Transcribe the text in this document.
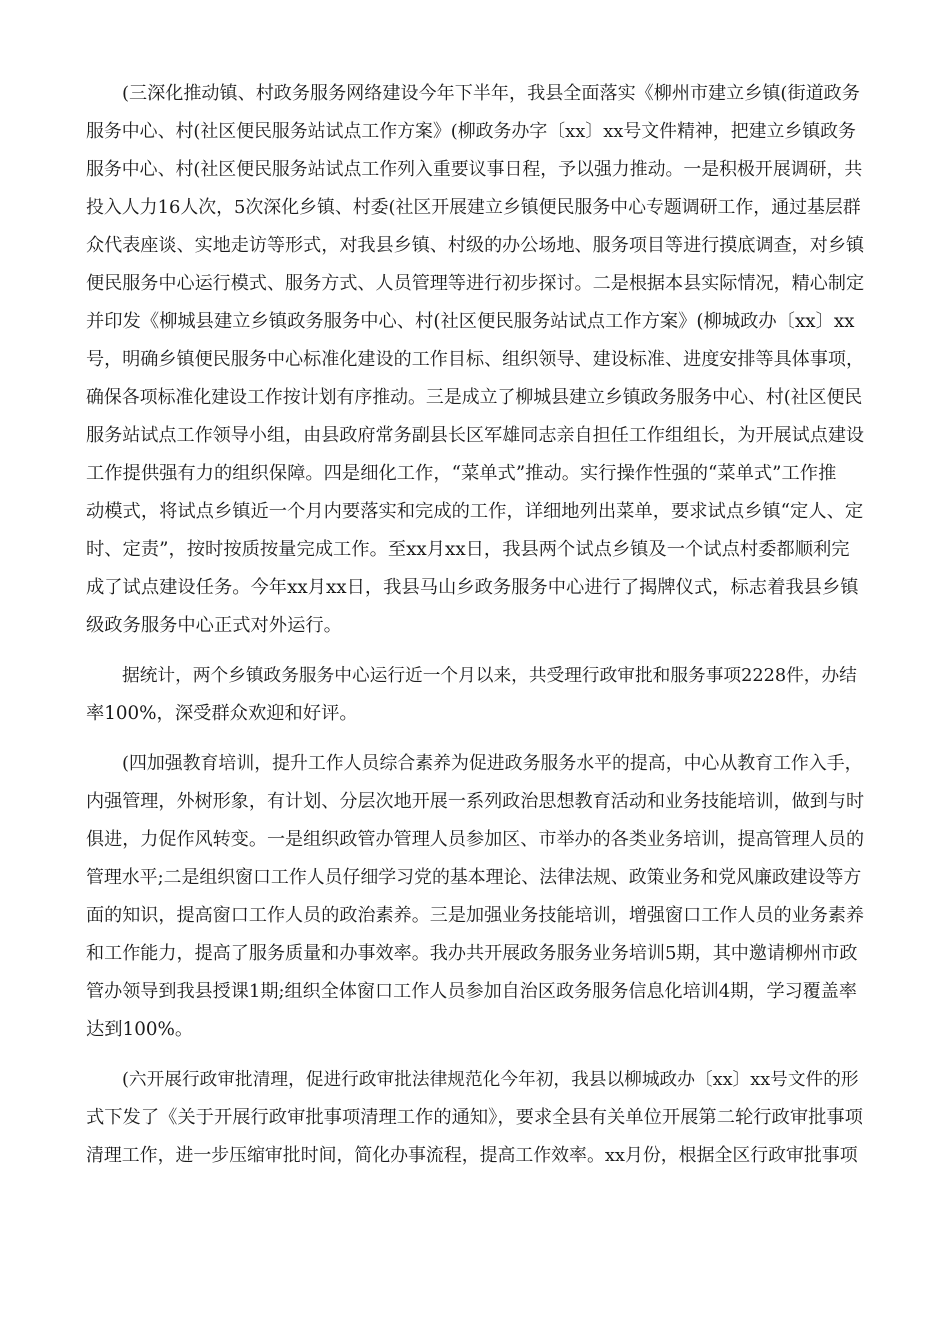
(三深化推动镇、村政务服务网络建设今年下半年，我县全面落实《柳州市建立乡镇(街道政务
服务中心、村(社区便民服务站试点工作方案》(柳政务办字〔xx〕xx号文件精神，把建立乡镇政务
服务中心、村(社区便民服务站试点工作列入重要议事日程，予以强力推动。一是积极开展调研，共
投入人力16人次，5次深化乡镇、村委(社区开展建立乡镇便民服务中心专题调研工作，通过基层群
众代表座谈、实地走访等形式，对我县乡镇、村级的办公场地、服务项目等进行摸底调查，对乡镇
便民服务中心运行模式、服务方式、人员管理等进行初步探讨。二是根据本县实际情况，精心制定
并印发《柳城县建立乡镇政务服务中心、村(社区便民服务站试点工作方案》(柳城政办〔xx〕xx
号，明确乡镇便民服务中心标准化建设的工作目标、组织领导、建设标准、进度安排等具体事项，
确保各项标准化建设工作按计划有序推动。三是成立了柳城县建立乡镇政务服务中心、村(社区便民
服务站试点工作领导小组，由县政府常务副县长区军雄同志亲自担任工作组组长，为开展试点建设
工作提供强有力的组织保障。四是细化工作，“菜单式”推动。实行操作性强的“菜单式”工作推
动模式，将试点乡镇近一个月内要落实和完成的工作，详细地列出菜单，要求试点乡镇“定人、定
时、定责”，按时按质按量完成工作。至xx月xx日，我县两个试点乡镇及一个试点村委都顺利完
成了试点建设任务。今年xx月xx日，我县马山乡政务服务中心进行了揭牌仪式，标志着我县乡镇
级政务服务中心正式对外运行。
据统计，两个乡镇政务服务中心运行近一个月以来，共受理行政审批和服务事项2228件，办结
率100%，深受群众欢迎和好评。
(四加强教育培训，提升工作人员综合素养为促进政务服务水平的提高，中心从教育工作入手，
内强管理，外树形象，有计划、分层次地开展一系列政治思想教育活动和业务技能培训，做到与时
俱进，力促作风转变。一是组织政管办管理人员参加区、市举办的各类业务培训，提高管理人员的
管理水平;二是组织窗口工作人员仔细学习党的基本理论、法律法规、政策业务和党风廉政建设等方
面的知识，提高窗口工作人员的政治素养。三是加强业务技能培训，增强窗口工作人员的业务素养
和工作能力，提高了服务质量和办事效率。我办共开展政务服务业务培训5期，其中邀请柳州市政
管办领导到我县授课1期;组织全体窗口工作人员参加自治区政务服务信息化培训4期，学习覆盖率
达到100%。
(六开展行政审批清理，促进行政审批法律规范化今年初，我县以柳城政办〔xx〕xx号文件的形
式下发了《关于开展行政审批事项清理工作的通知》，要求全县有关单位开展第二轮行政审批事项
清理工作，进一步压缩审批时间，简化办事流程，提高工作效率。xx月份，根据全区行政审批事项
